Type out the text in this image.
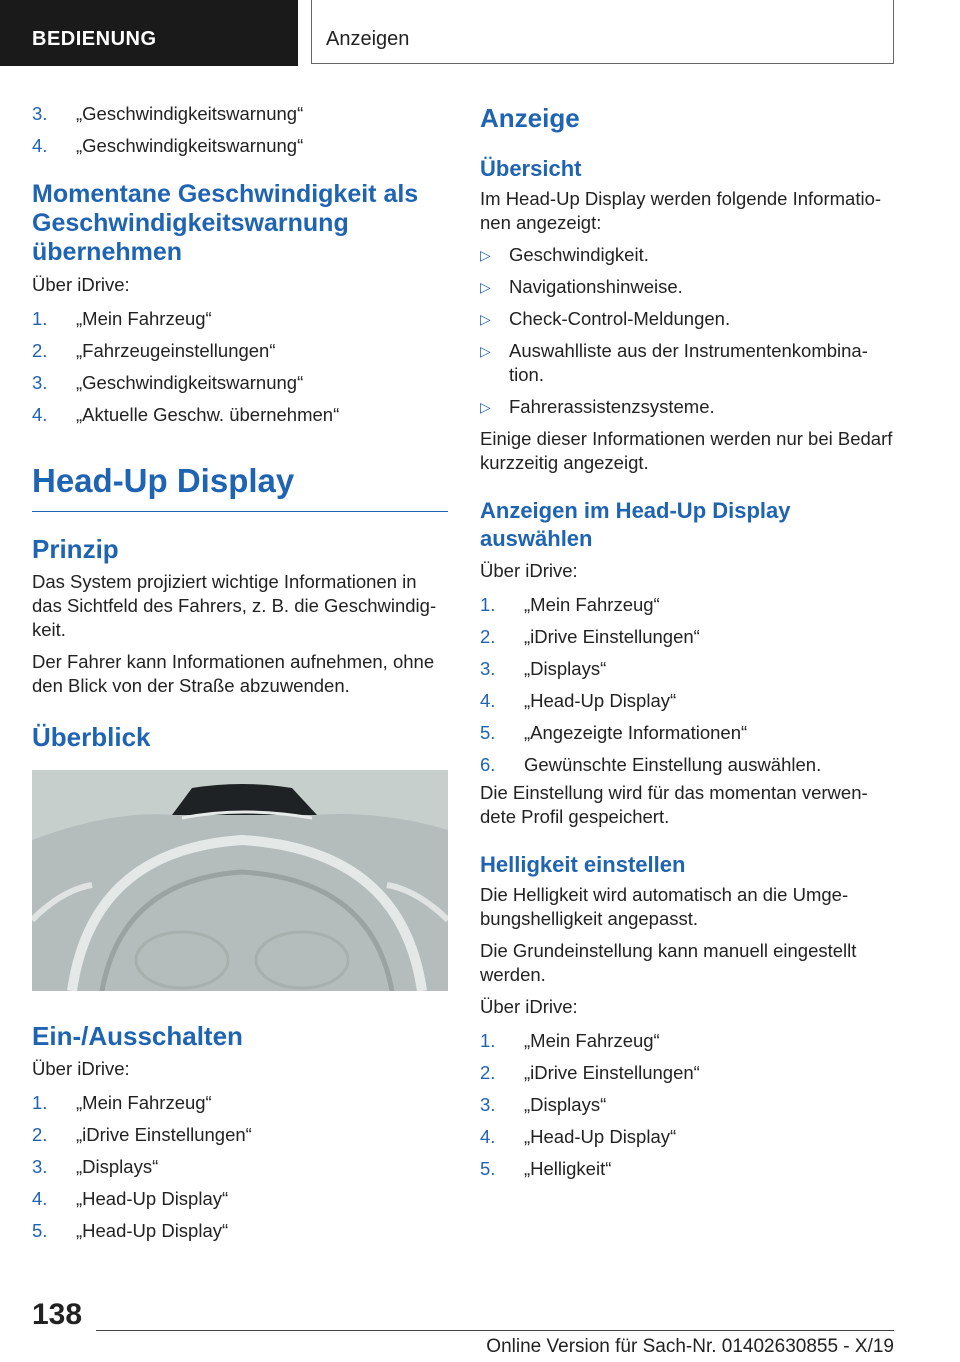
BEDIENUNG	Anzeigen
3. „Geschwindigkeitswarnung“
4. „Geschwindigkeitswarnung“
Momentane Geschwindigkeit als Geschwindigkeitswarnung übernehmen

Über iDrive:

1. „Mein Fahrzeug“
2. „Fahrzeugeinstellungen“
3. „Geschwindigkeitswarnung“
4. „Aktuelle Geschw. übernehmen“
Head-Up Display
Prinzip

Das System projiziert wichtige Informationen in das Sichtfeld des Fahrers, z. B. die Geschwindigkeit.

Der Fahrer kann Informationen aufnehmen, ohne den Blick von der Straße abzuwenden.

Überblick
Ein-/Ausschalten

Über iDrive:

1. „Mein Fahrzeug“
2. „iDrive Einstellungen“
3. „Displays“
4. „Head-Up Display“
5. „Head-Up Display“
Anzeige
Übersicht

Im Head-Up Display werden folgende Informationen angezeigt:

▷ Geschwindigkeit.
▷ Navigationshinweise.
▷ Check-Control-Meldungen.
▷ Auswahlliste aus der Instrumentenkombination.
▷ Fahrerassistenzsysteme.

Einige dieser Informationen werden nur bei Bedarf kurzzeitig angezeigt.

Anzeigen im Head-Up Display auswählen

Über iDrive:

1. „Mein Fahrzeug“
2. „iDrive Einstellungen“
3. „Displays“
4. „Head-Up Display“
5. „Angezeigte Informationen“
6. Gewünschte Einstellung auswählen.

Die Einstellung wird für das momentan verwendete Profil gespeichert.

Helligkeit einstellen

Die Helligkeit wird automatisch an die Umgebungshelligkeit angepasst.

Die Grundeinstellung kann manuell eingestellt werden.

Über iDrive:

1. „Mein Fahrzeug“
2. „iDrive Einstellungen“
3. „Displays“
4. „Head-Up Display“
5. „Helligkeit“
138
Online Version für Sach-Nr. 01402630855 - X/19
